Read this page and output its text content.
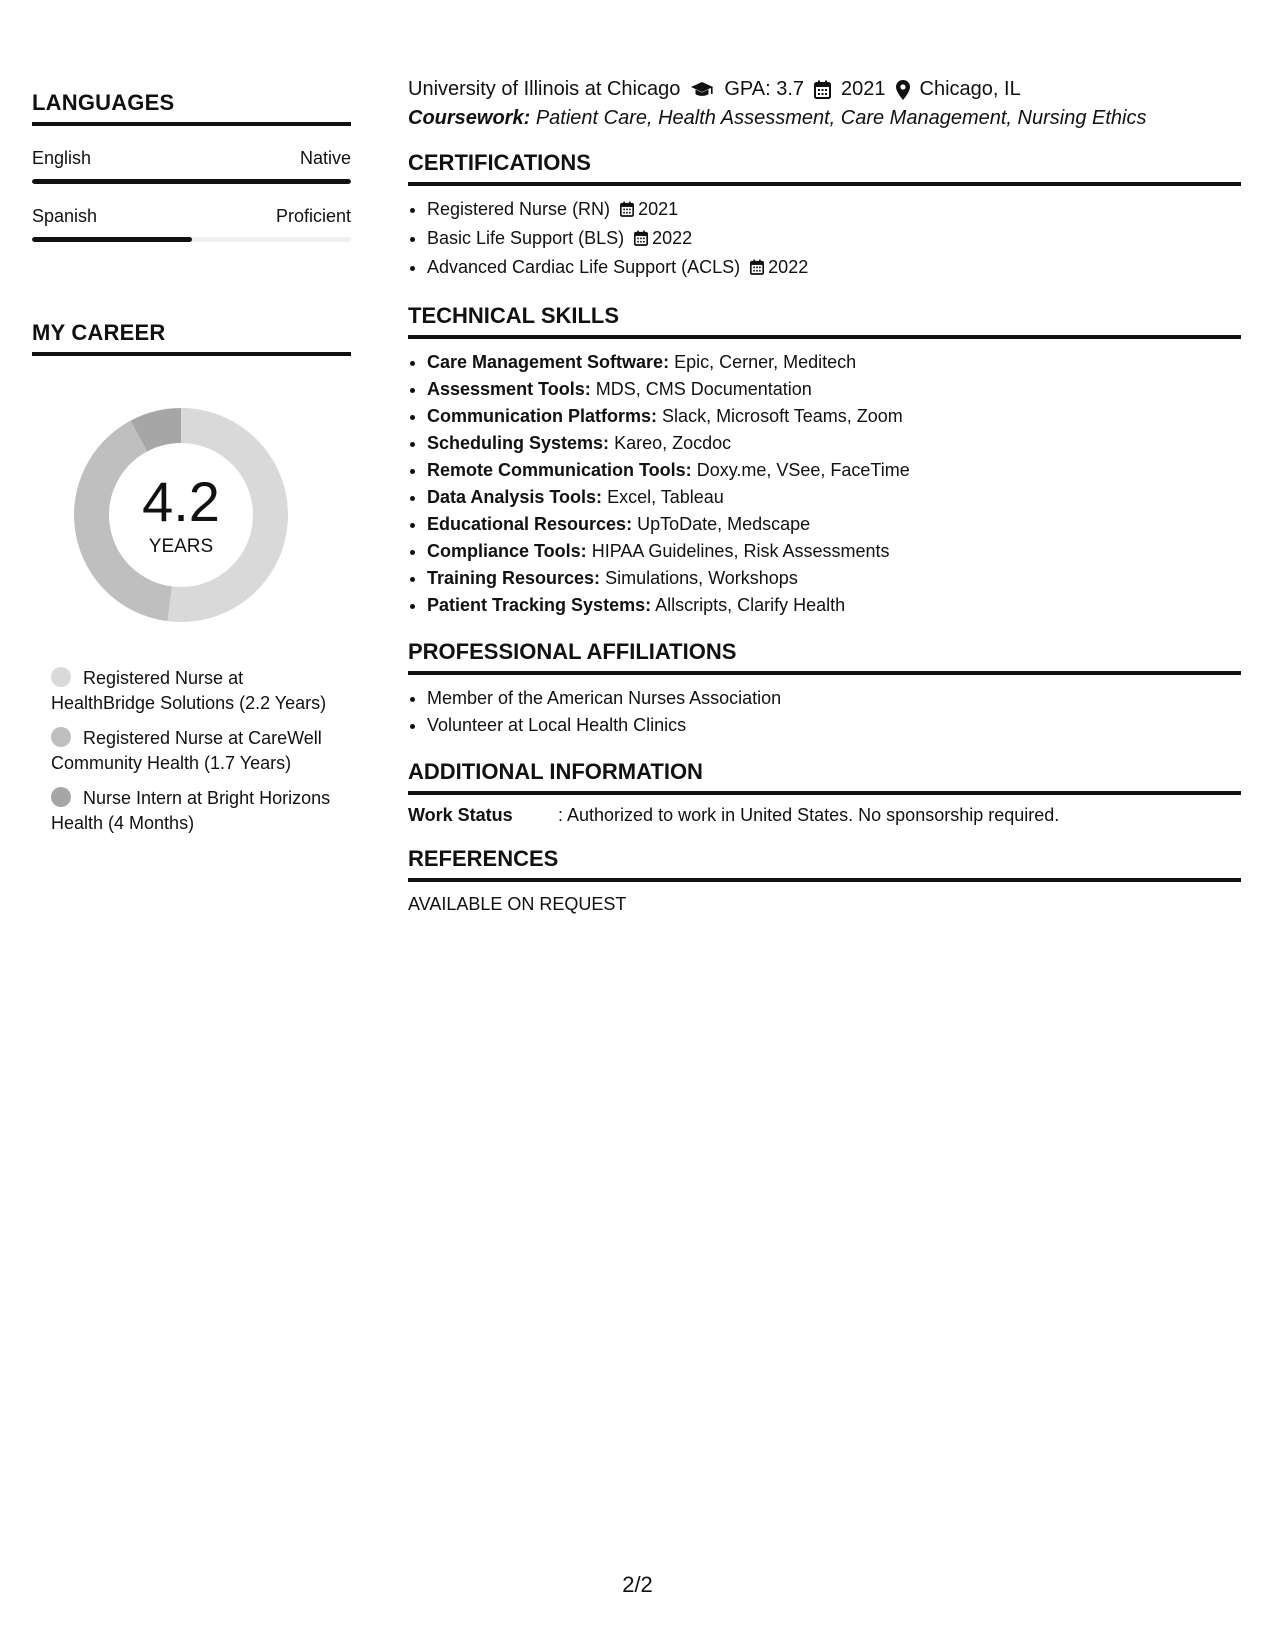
LANGUAGES
English	Native
Spanish	Proficient
MY CAREER
4.2
YEARS
Registered Nurse at HealthBridge Solutions (2.2 Years)
Registered Nurse at CareWell Community Health (1.7 Years)
Nurse Intern at Bright Horizons Health (4 Months)
University of Illinois at Chicago GPA: 3.7 2021 Chicago, IL
Coursework: Patient Care, Health Assessment, Care Management, Nursing Ethics
CERTIFICATIONS
• Registered Nurse (RN) 2021
• Basic Life Support (BLS) 2022
• Advanced Cardiac Life Support (ACLS) 2022
TECHNICAL SKILLS
• Care Management Software: Epic, Cerner, Meditech
• Assessment Tools: MDS, CMS Documentation
• Communication Platforms: Slack, Microsoft Teams, Zoom
• Scheduling Systems: Kareo, Zocdoc
• Remote Communication Tools: Doxy.me, VSee, FaceTime
• Data Analysis Tools: Excel, Tableau
• Educational Resources: UpToDate, Medscape
• Compliance Tools: HIPAA Guidelines, Risk Assessments
• Training Resources: Simulations, Workshops
• Patient Tracking Systems: Allscripts, Clarify Health
PROFESSIONAL AFFILIATIONS
• Member of the American Nurses Association
• Volunteer at Local Health Clinics
ADDITIONAL INFORMATION
Work Status	: Authorized to work in United States. No sponsorship required.
REFERENCES
AVAILABLE ON REQUEST
2/2
